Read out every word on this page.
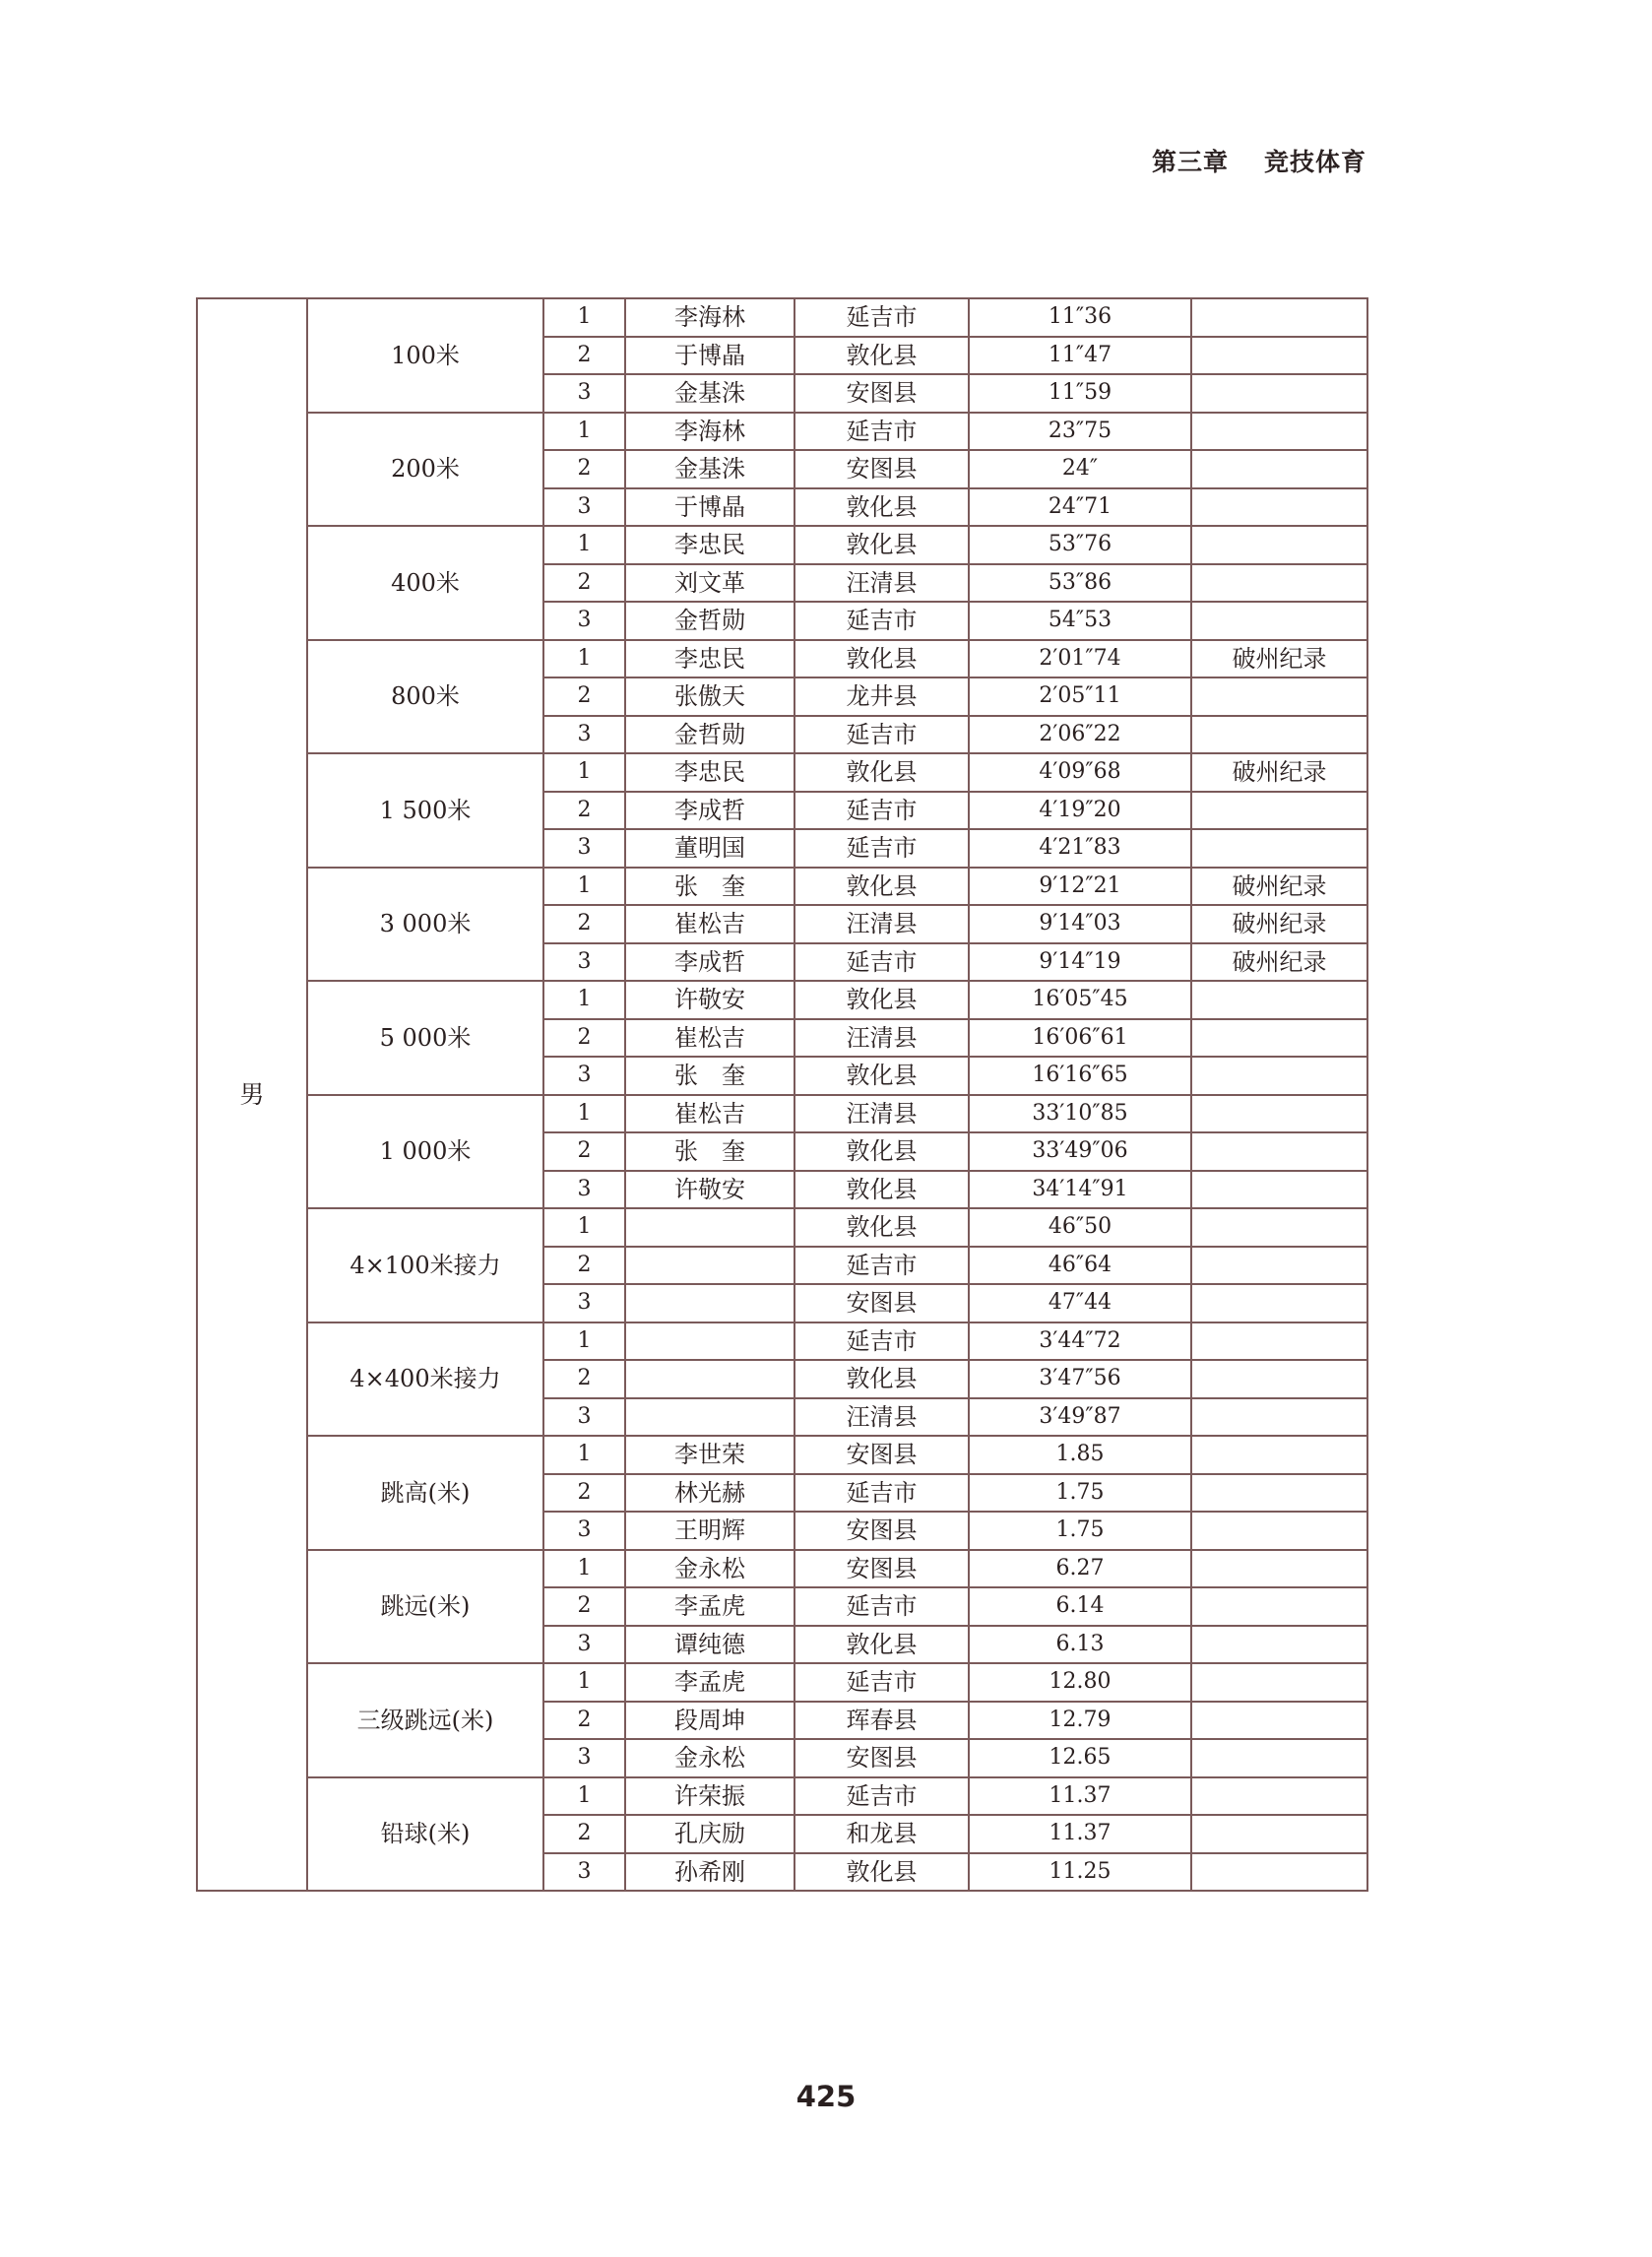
第三章 竞技体育
男	100米	1	李海林	延吉市	11″36	
		2	于博晶	敦化县	11″47	
		3	金基洙	安图县	11″59	
	200米	1	李海林	延吉市	23″75	
		2	金基洙	安图县	24″	
		3	于博晶	敦化县	24″71	
	400米	1	李忠民	敦化县	53″76	
		2	刘文革	汪清县	53″86	
		3	金哲勋	延吉市	54″53	
	800米	1	李忠民	敦化县	2′01″74	破州纪录
		2	张傲天	龙井县	2′05″11	
		3	金哲勋	延吉市	2′06″22	
	1 500米	1	李忠民	敦化县	4′09″68	破州纪录
		2	李成哲	延吉市	4′19″20	
		3	董明国	延吉市	4′21″83	
	3 000米	1	张　奎	敦化县	9′12″21	破州纪录
		2	崔松吉	汪清县	9′14″03	破州纪录
		3	李成哲	延吉市	9′14″19	破州纪录
	5 000米	1	许敬安	敦化县	16′05″45	
		2	崔松吉	汪清县	16′06″61	
		3	张　奎	敦化县	16′16″65	
	1 000米	1	崔松吉	汪清县	33′10″85	
		2	张　奎	敦化县	33′49″06	
		3	许敬安	敦化县	34′14″91	
	4×100米接力	1		敦化县	46″50	
		2		延吉市	46″64	
		3		安图县	47″44	
	4×400米接力	1		延吉市	3′44″72	
		2		敦化县	3′47″56	
		3		汪清县	3′49″87	
	跳高(米)	1	李世荣	安图县	1.85	
		2	林光赫	延吉市	1.75	
		3	王明辉	安图县	1.75	
	跳远(米)	1	金永松	安图县	6.27	
		2	李孟虎	延吉市	6.14	
		3	谭纯德	敦化县	6.13	
	三级跳远(米)	1	李孟虎	延吉市	12.80	
		2	段周坤	珲春县	12.79	
		3	金永松	安图县	12.65	
	铅球(米)	1	许荣振	延吉市	11.37	
		2	孔庆励	和龙县	11.37	
		3	孙希刚	敦化县	11.25	
425
